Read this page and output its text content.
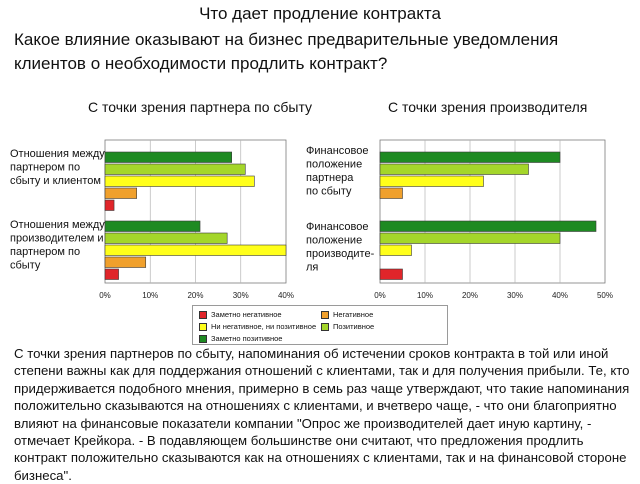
Что дает продление контракта
Какое влияние оказывают на бизнес предварительные уведомления клиентов о необходимости продлить контракт?
С точки зрения партнера по сбыту	С точки зрения производителя
0%	10%	20%	30%	40%
Отношения между партнером по сбыту и клиентом
Отношения между производителем и партнером по сбыту
0%	10%	20%	30%	40%	50%
Финансовое положение партнера по сбыту
Финансовое положение производите-ля
Заметно негативное	Негативное
Ни негативное, ни позитивное Позитивное
Заметно позитивное

С точки зрения партнеров по сбыту, напоминания об истечении сроков контракта в той или иной степени важны как для поддержания отношений с клиентами, так и для получения прибыли. Те, кто придерживается подобного мнения, примерно в семь раз чаще утверждают, что такие напоминания положительно сказываются на отношениях с клиентами, и вчетверо чаще, - что они благоприятно влияют на финансовые показатели компании "Опрос же производителей дает иную картину, - отмечает Крейкора. - В подавляющем большинстве они считают, что предложения продлить контракт положительно сказываются как на отношениях с клиентами, так и на финансовой стороне бизнеса".
